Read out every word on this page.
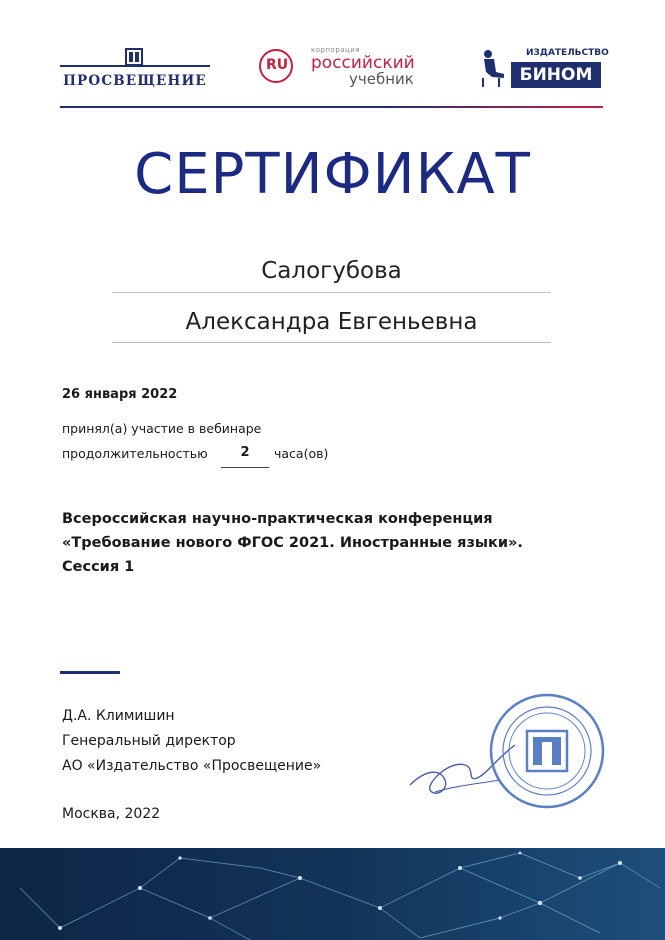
ПРОСВЕЩЕНИЕ
RU
корпорация
российский
учебник
ИЗДАТЕЛЬСТВО
БИНОМ
СЕРТИФИКАТ
Салогубова
Александра Евгеньевна
26 января 2022
принял(а) участие в вебинаре
продолжительностью	2	часа(ов)
Всероссийская научно-практическая конференция
«Требование нового ФГОС 2021. Иностранные языки».
Сессия 1
Д.А. Климишин
Генеральный директор
АО «Издательство «Просвещение»
Москва, 2022
